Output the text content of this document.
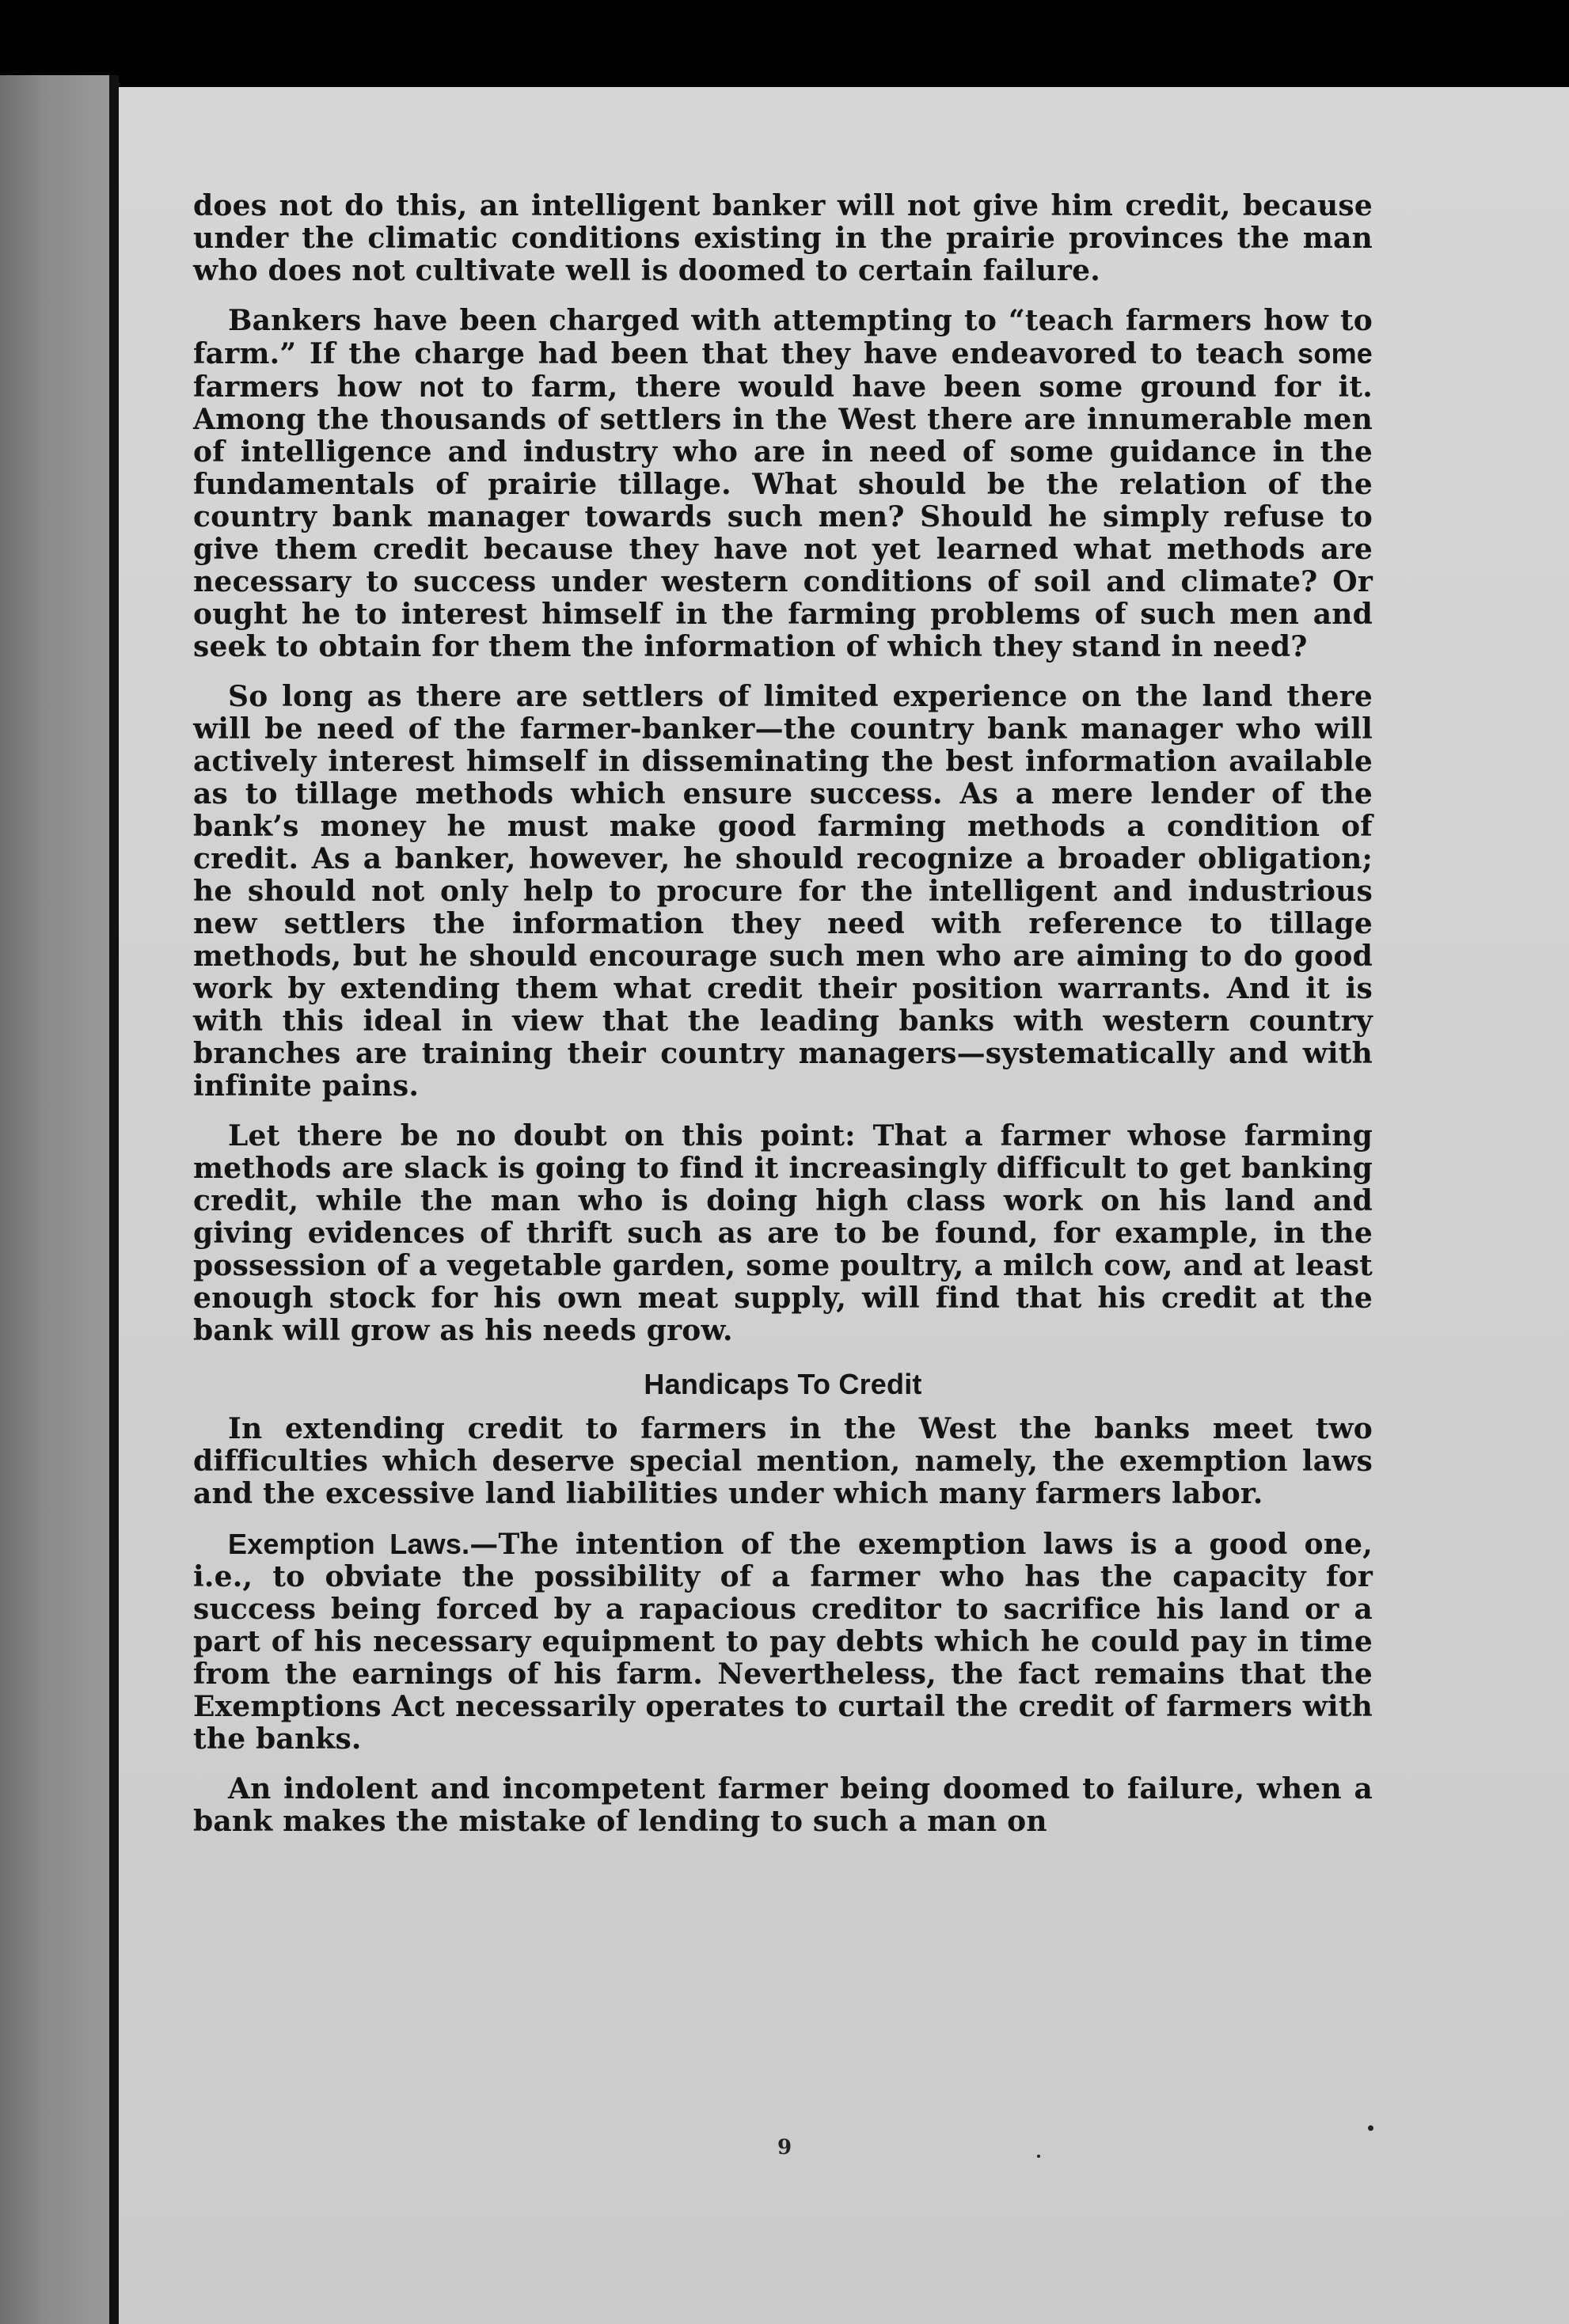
does not do this, an intelligent banker will not give him credit, because under the climatic conditions existing in the prairie provinces the man who does not cultivate well is doomed to certain failure.

Bankers have been charged with attempting to “teach farmers how to farm.” If the charge had been that they have endeavored to teach some farmers how not to farm, there would have been some ground for it. Among the thousands of settlers in the West there are innumerable men of intelligence and industry who are in need of some guidance in the fundamentals of prairie tillage. What should be the relation of the country bank manager towards such men? Should he simply refuse to give them credit because they have not yet learned what methods are necessary to success under western conditions of soil and climate? Or ought he to interest himself in the farming problems of such men and seek to obtain for them the information of which they stand in need?

So long as there are settlers of limited experience on the land there will be need of the farmer-banker—the country bank manager who will actively interest himself in disseminating the best information available as to tillage methods which ensure success. As a mere lender of the bank’s money he must make good farming methods a condition of credit. As a banker, however, he should recognize a broader obligation; he should not only help to procure for the intelligent and industrious new settlers the information they need with reference to tillage methods, but he should encourage such men who are aiming to do good work by extending them what credit their position warrants. And it is with this ideal in view that the leading banks with western country branches are training their country managers—systematically and with infinite pains.

Let there be no doubt on this point: That a farmer whose farming methods are slack is going to find it increasingly difficult to get banking credit, while the man who is doing high class work on his land and giving evidences of thrift such as are to be found, for example, in the possession of a vegetable garden, some poultry, a milch cow, and at least enough stock for his own meat supply, will find that his credit at the bank will grow as his needs grow.

Handicaps To Credit

In extending credit to farmers in the West the banks meet two difficulties which deserve special mention, namely, the exemption laws and the excessive land liabilities under which many farmers labor.

Exemption Laws.—The intention of the exemption laws is a good one, i.e., to obviate the possibility of a farmer who has the capacity for success being forced by a rapacious creditor to sacrifice his land or a part of his necessary equipment to pay debts which he could pay in time from the earnings of his farm. Nevertheless, the fact remains that the Exemptions Act necessarily operates to curtail the credit of farmers with the banks.

An indolent and incompetent farmer being doomed to failure, when a bank makes the mistake of lending to such a man on

9
